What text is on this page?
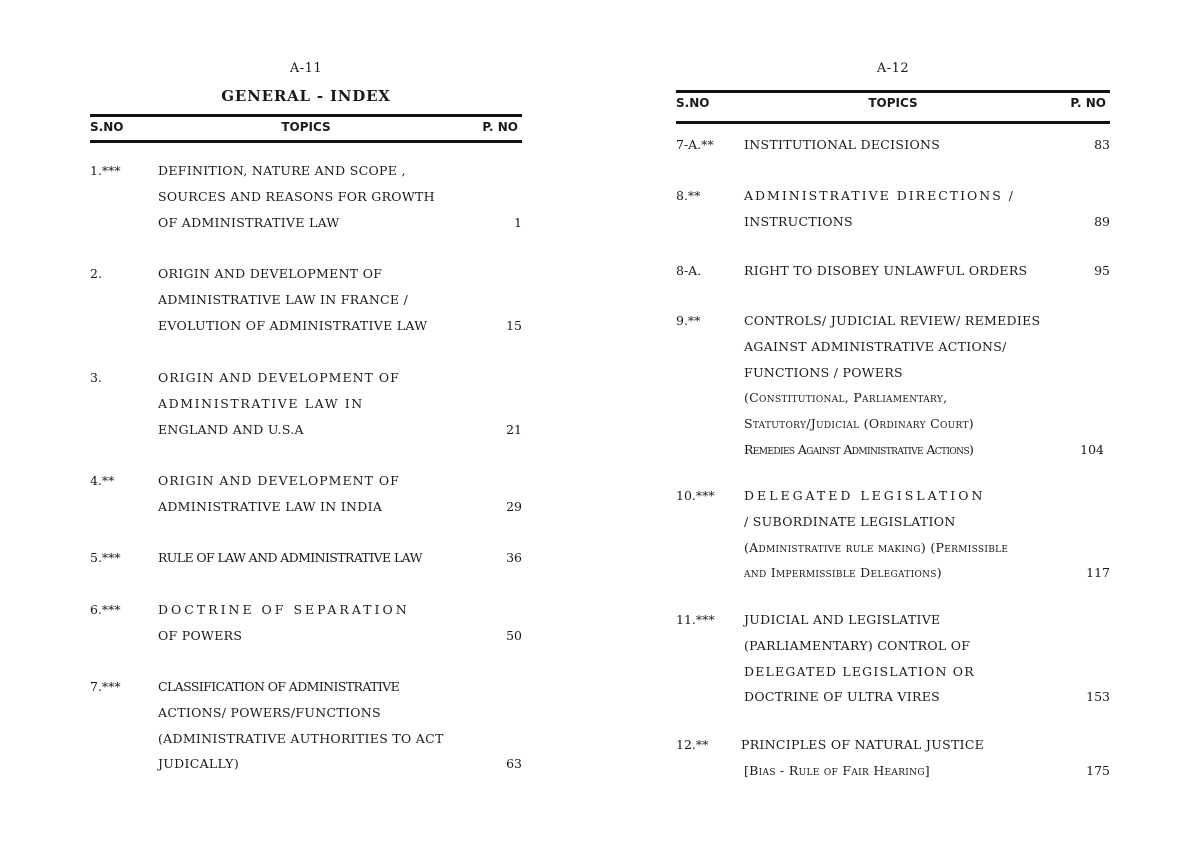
A-11
GENERAL - INDEX
S.NO	TOPICS	P. NO
1.***	DEFINITION, NATURE AND SCOPE ,
SOURCES AND REASONS FOR GROWTH
OF ADMINISTRATIVE LAW	1
2.	ORIGIN AND DEVELOPMENT OF
ADMINISTRATIVE LAW IN FRANCE /
EVOLUTION OF ADMINISTRATIVE LAW	15
3.	ORIGIN AND DEVELOPMENT OF
ADMINISTRATIVE LAW IN
ENGLAND AND U.S.A	21
4.**	ORIGIN AND DEVELOPMENT OF
ADMINISTRATIVE LAW IN INDIA	29
5.***	RULE OF LAW AND ADMINISTRATIVE LAW	36
6.***	DOCTRINE OF SEPARATION
OF POWERS	50
7.***	CLASSIFICATION OF ADMINISTRATIVE
ACTIONS/ POWERS/FUNCTIONS
(ADMINISTRATIVE AUTHORITIES TO ACT
JUDICALLY)	63
A-12
S.NO	TOPICS	P. NO
7-A.** INSTITUTIONAL DECISIONS	83
8.**	ADMINISTRATIVE DIRECTIONS /
INSTRUCTIONS	89
8-A.	RIGHT TO DISOBEY UNLAWFUL ORDERS	95
9.**	CONTROLS/ JUDICIAL REVIEW/ REMEDIES
AGAINST ADMINISTRATIVE ACTIONS/
FUNCTIONS / POWERS
(Constitutional, Parliamentary,
Statutory/Judicial (Ordinary Court)
Remedies Against Administrative Actions)	104
10.*** DELEGATED LEGISLATION
/ SUBORDINATE LEGISLATION
(Administrative rule making) (Permissible
and Impermissible Delegations)	117
11.*** JUDICIAL AND LEGISLATIVE
(PARLIAMENTARY) CONTROL OF
DELEGATED LEGISLATION OR
DOCTRINE OF ULTRA VIRES	153
12.**	PRINCIPLES OF NATURAL JUSTICE
[Bias - Rule of Fair Hearing]	175
